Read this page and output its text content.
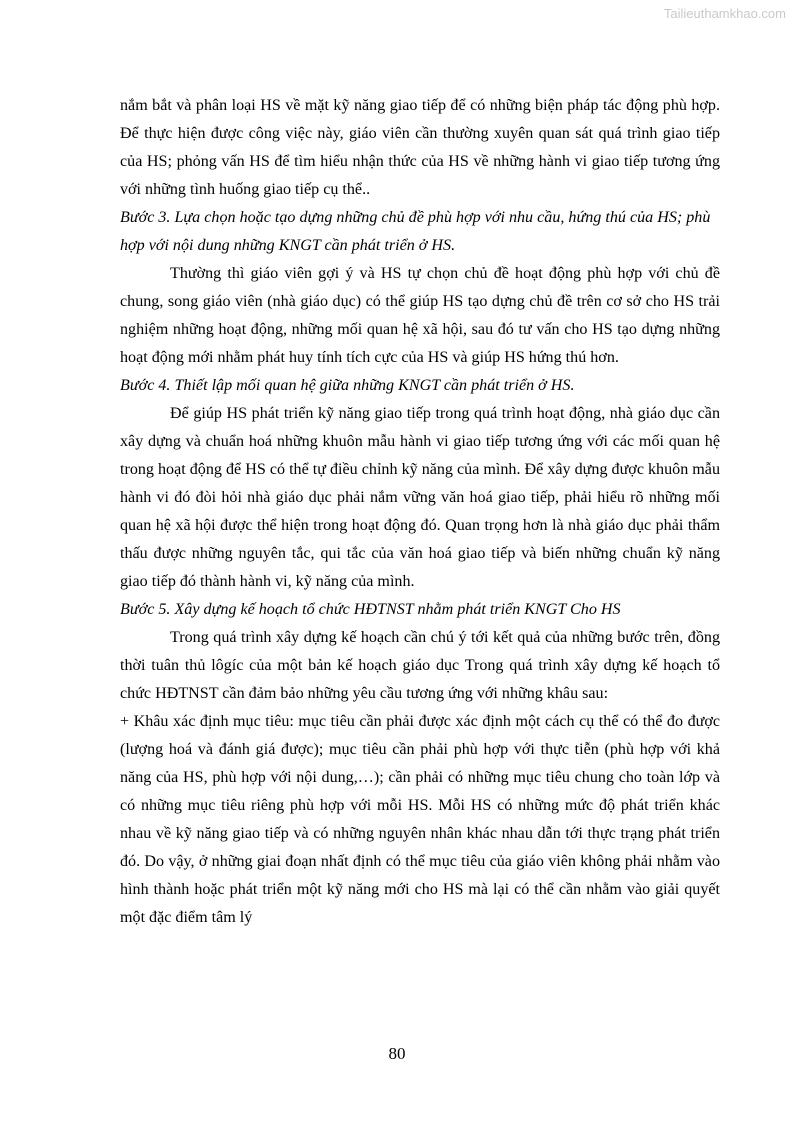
Tailieuthamkhao.com

nắm bắt và phân loại HS về mặt kỹ năng giao tiếp để có những biện pháp tác động phù hợp. Để thực hiện được công việc này, giáo viên cần thường xuyên quan sát quá trình giao tiếp của HS; phỏng vấn HS để tìm hiểu nhận thức của HS về những hành vi giao tiếp tương ứng với những tình huống giao tiếp cụ thể..

Bước 3. Lựa chọn hoặc tạo dựng những chủ đề phù hợp với nhu cầu, hứng thú của HS; phù hợp với nội dung những KNGT cần phát triển ở HS.

Thường thì giáo viên gợi ý và HS tự chọn chủ đề hoạt động phù hợp với chủ đề chung, song giáo viên (nhà giáo dục) có thể giúp HS tạo dựng chủ đề trên cơ sở cho HS trải nghiệm những hoạt động, những mối quan hệ xã hội, sau đó tư vấn cho HS tạo dựng những hoạt động mới nhằm phát huy tính tích cực của HS và giúp HS hứng thú hơn.

Bước 4. Thiết lập mối quan hệ giữa những KNGT cần phát triển ở HS.

Để giúp HS phát triển kỹ năng giao tiếp trong quá trình hoạt động, nhà giáo dục cần xây dựng và chuẩn hoá những khuôn mẫu hành vi giao tiếp tương ứng với các mối quan hệ trong hoạt động để HS có thể tự điều chỉnh kỹ năng của mình. Để xây dựng được khuôn mẫu hành vi đó đòi hỏi nhà giáo dục phải nắm vững văn hoá giao tiếp, phải hiểu rõ những mối quan hệ xã hội được thể hiện trong hoạt động đó. Quan trọng hơn là nhà giáo dục phải thẩm thấu được những nguyên tắc, qui tắc của văn hoá giao tiếp và biến những chuẩn kỹ năng giao tiếp đó thành hành vi, kỹ năng của mình.

Bước 5. Xây dựng kế hoạch tổ chức HĐTNST nhằm phát triển KNGT Cho HS

Trong quá trình xây dựng kế hoạch cần chú ý tới kết quả của những bước trên, đồng thời tuân thủ lôgíc của một bản kế hoạch giáo dục Trong quá trình xây dựng kế hoạch tổ chức HĐTNST cần đảm bảo những yêu cầu tương ứng với những khâu sau:

+ Khâu xác định mục tiêu: mục tiêu cần phải được xác định một cách cụ thể có thể đo được (lượng hoá và đánh giá được); mục tiêu cần phải phù hợp với thực tiễn (phù hợp với khả năng của HS, phù hợp với nội dung,…); cần phải có những mục tiêu chung cho toàn lớp và có những mục tiêu riêng phù hợp với mỗi HS. Mỗi HS có những mức độ phát triển khác nhau về kỹ năng giao tiếp và có những nguyên nhân khác nhau dẫn tới thực trạng phát triển đó. Do vậy, ở những giai đoạn nhất định có thể mục tiêu của giáo viên không phải nhằm vào hình thành hoặc phát triển một kỹ năng mới cho HS mà lại có thể cần nhằm vào giải quyết một đặc điểm tâm lý

80
